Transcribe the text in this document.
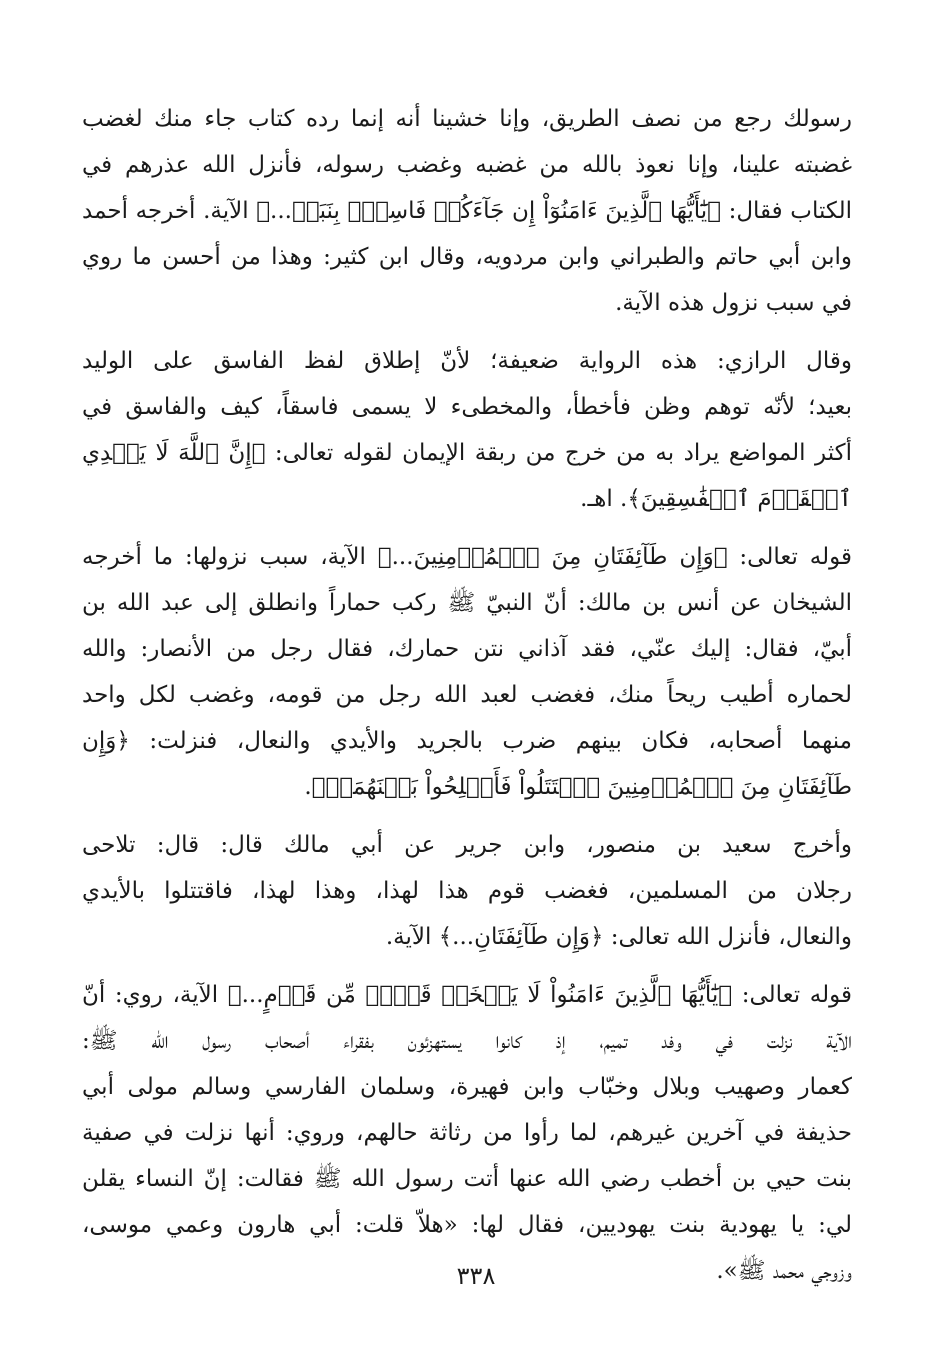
رسولك رجع من نصف الطريق، وإنا خشينا أنه إنما رده كتاب جاء منك لغضب
غضبته علينا، وإنا نعوذ بالله من غضبه وغضب رسوله، فأنزل الله عذرهم في
الكتاب فقال: ﴿يَٰٓأَيُّهَا ٱلَّذِينَ ءَامَنُوٓاْ إِن جَآءَكُمۡ فَاسِقُۢ بِنَبَإٖ...﴾ الآية. أخرجه أحمد
وابن أبي حاتم والطبراني وابن مردويه، وقال ابن كثير: وهذا من أحسن ما روي
في سبب نزول هذه الآية.
وقال الرازي: هذه الرواية ضعيفة؛ لأنّ إطلاق لفظ الفاسق على الوليد
بعيد؛ لأنّه توهم وظن فأخطأ، والمخطىء لا يسمى فاسقاً، كيف والفاسق في
أكثر المواضع يراد به من خرج من ربقة الإيمان لقوله تعالى: ﴿إِنَّ ٱللَّهَ لَا يَهۡدِي
ٱلۡقَوۡمَ ٱلۡفَٰسِقِينَ﴾. اهـ.
قوله تعالى: ﴿وَإِن طَآئِفَتَانِ مِنَ ٱلۡمُؤۡمِنِينَ...﴾ الآية، سبب نزولها: ما أخرجه
الشيخان عن أنس بن مالك: أنّ النبيّ ﷺ ركب حماراً وانطلق إلى عبد الله بن
أبيّ، فقال: إليك عنّي، فقد آذاني نتن حمارك، فقال رجل من الأنصار: والله
لحماره أطيب ريحاً منك، فغضب لعبد الله رجل من قومه، وغضب لكل واحد
منهما أصحابه، فكان بينهم ضرب بالجريد والأيدي والنعال، فنزلت: ﴿وَإِن
طَآئِفَتَانِ مِنَ ٱلۡمُؤۡمِنِينَ ٱقۡتَتَلُواْ فَأَصۡلِحُواْ بَيۡنَهُمَاۖ﴾.
وأخرج سعيد بن منصور، وابن جرير عن أبي مالك قال: قال: تلاحى
رجلان من المسلمين، فغضب قوم هذا لهذا، وهذا لهذا، فاقتتلوا بالأيدي
والنعال، فأنزل الله تعالى: ﴿وَإِن طَآئِفَتَانِ...﴾ الآية.
قوله تعالى: ﴿يَٰٓأَيُّهَا ٱلَّذِينَ ءَامَنُواْ لَا يَسۡخَرۡ قَوۡمٞ مِّن قَوۡمٍ...﴾ الآية، روي: أنّ
الآية نزلت في وفد تميم، إذ كانوا يستهزئون بفقراء أصحاب رسول الله ﷺ:
كعمار وصهيب وبلال وخبّاب وابن فهيرة، وسلمان الفارسي وسالم مولى أبي
حذيفة في آخرين غيرهم، لما رأوا من رثاثة حالهم، وروي: أنها نزلت في صفية
بنت حيي بن أخطب رضي الله عنها أتت رسول الله ﷺ فقالت: إنّ النساء يقلن
لي: يا يهودية بنت يهوديين، فقال لها: «هلاّ قلت: أبي هارون وعمي موسى،
وزوجي محمد ﷺ».
٣٣٨
